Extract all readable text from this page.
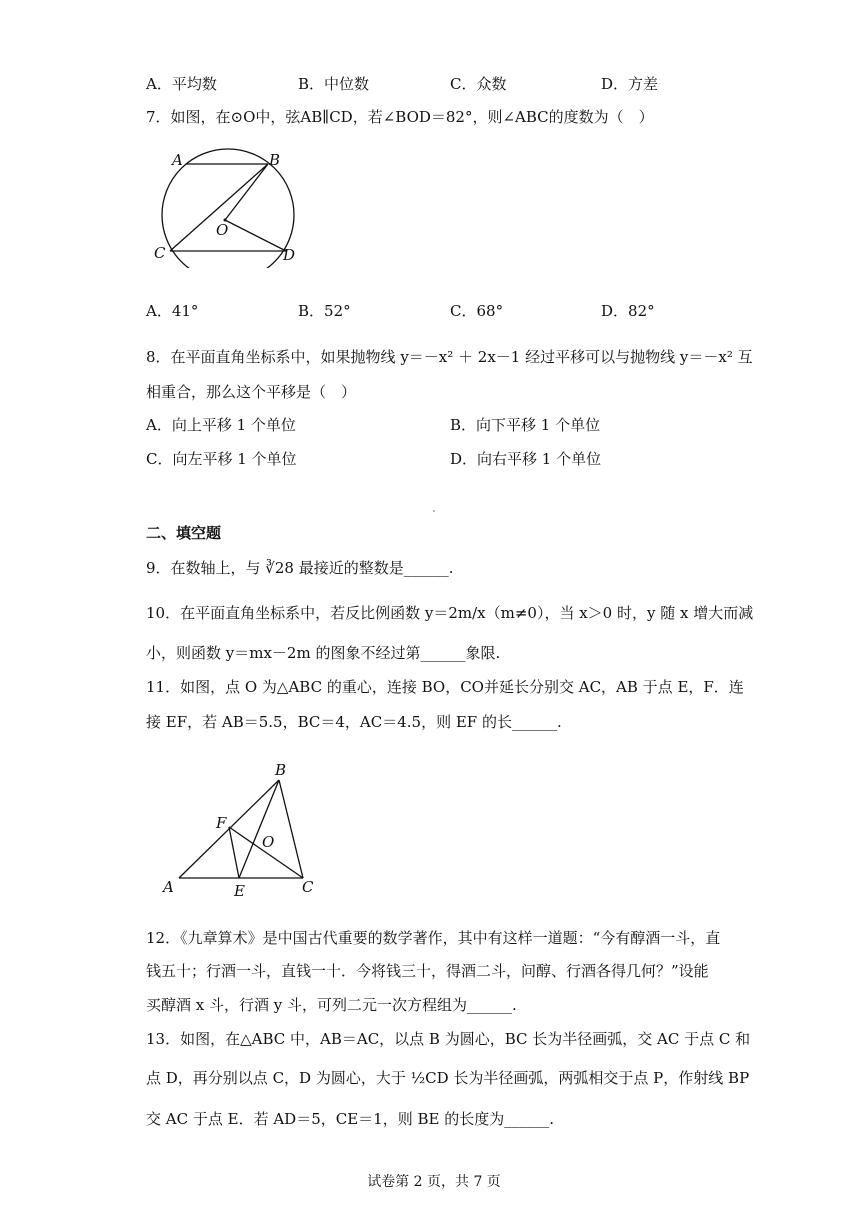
A．平均数	B．中位数	C．众数	D．方差
7．如图，在⊙O中，弦AB∥CD，若∠BOD＝82°，则∠ABC的度数为（　）
A	B
O
C	D
A．41°	B．52°	C．68°	D．82°
8．在平面直角坐标系中，如果抛物线 y＝－x² ＋ 2x－1 经过平移可以与抛物线 y＝－x² 互
相重合，那么这个平移是（　）
A．向上平移 1 个单位	B．向下平移 1 个单位
C．向左平移 1 个单位	D．向右平移 1 个单位
二、填空题
9．在数轴上，与 ∛28 最接近的整数是______.
10．在平面直角坐标系中，若反比例函数 y＝2m/x（m≠0），当 x＞0 时，y 随 x 增大而减
小，则函数 y＝mx－2m 的图象不经过第______象限.
11．如图，点 O 为△ABC 的重心，连接 BO，CO并延长分别交 AC，AB 于点 E，F．连
接 EF，若 AB＝5.5，BC＝4，AC＝4.5，则 EF 的长______.
B
F
O
A	E	C
12．《九章算术》是中国古代重要的数学著作，其中有这样一道题：“今有醇酒一斗，直
钱五十；行酒一斗，直钱一十．今将钱三十，得酒二斗，问醇、行酒各得几何？”设能
买醇酒 x 斗，行酒 y 斗，可列二元一次方程组为______.
13．如图，在△ABC 中，AB＝AC，以点 B 为圆心，BC 长为半径画弧，交 AC 于点 C 和
点 D，再分别以点 C，D 为圆心，大于 ½CD 长为半径画弧，两弧相交于点 P，作射线 BP
交 AC 于点 E．若 AD＝5，CE＝1，则 BE 的长度为______.
试卷第 2 页，共 7 页
